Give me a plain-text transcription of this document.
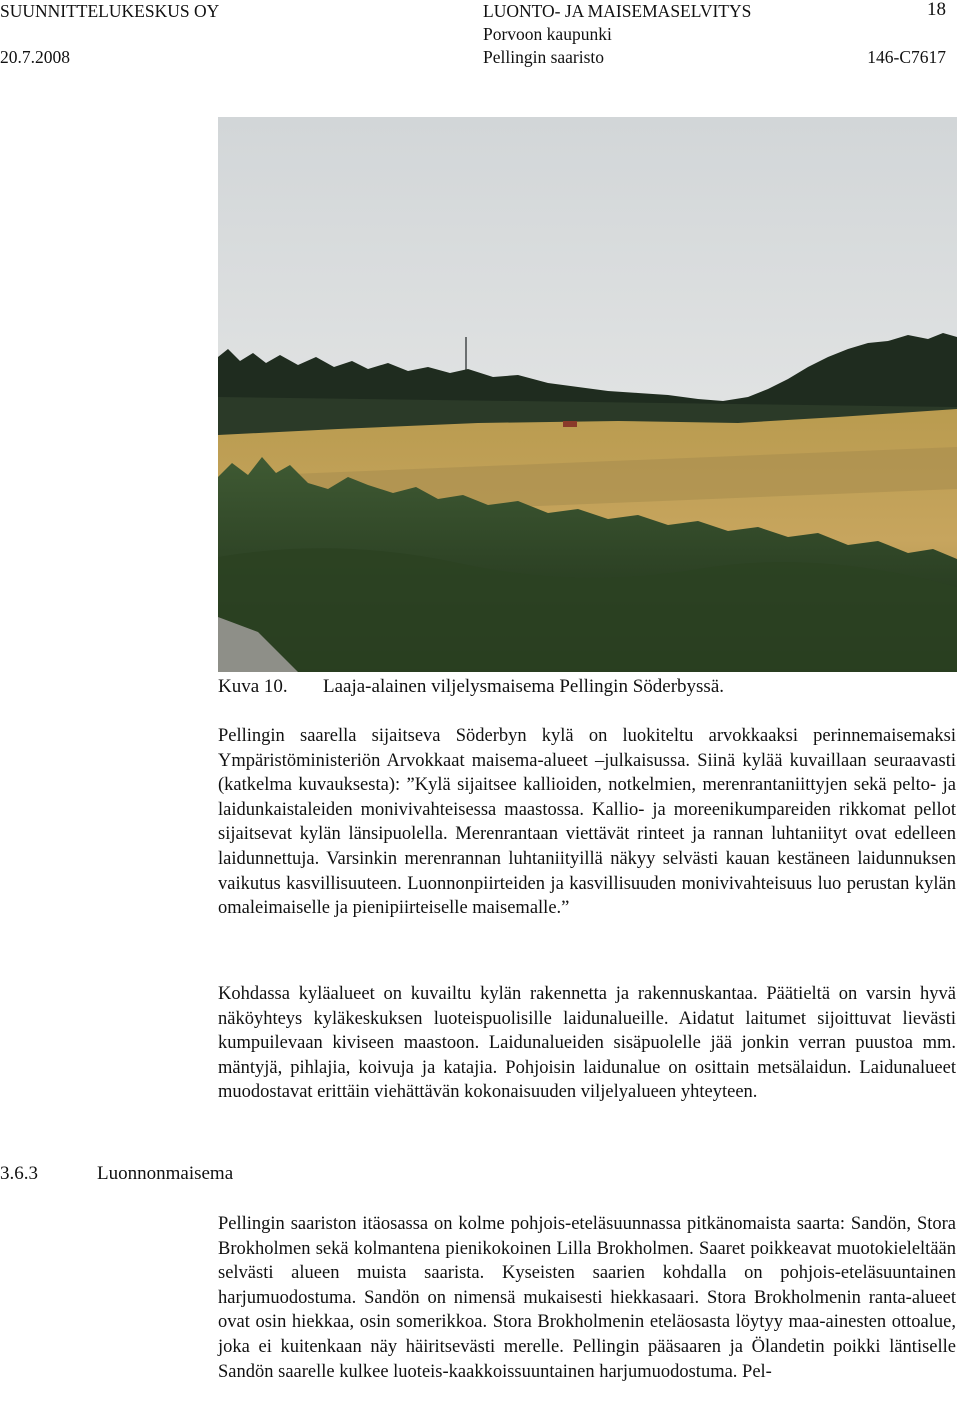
SUUNNITTELUKESKUS OY
20.7.2008
LUONTO- JA MAISEMASELVITYS
Porvoon kaupunki
Pellingin saaristo
18
146-C7617
Kuva 10. Laaja-alainen viljelysmaisema Pellingin Söderbyssä.

Pellingin saarella sijaitseva Söderbyn kylä on luokiteltu arvokkaaksi perinnemaisemaksi Ympäristöministeriön Arvokkaat maisema-alueet –julkaisussa. Siinä kylää kuvaillaan seuraavasti (katkelma kuvauksesta): ”Kylä sijaitsee kallioiden, notkelmien, merenrantaniittyjen sekä pelto- ja laidunkaistaleiden monivivahteisessa maastossa. Kallio- ja moreenikumpareiden rikkomat pellot sijaitsevat kylän länsipuolella. Merenrantaan viettävät rinteet ja rannan luhtaniityt ovat edelleen laidunnettuja. Varsinkin merenrannan luhtaniityillä näkyy selvästi kauan kestäneen laidunnuksen vaikutus kasvillisuuteen. Luonnonpiirteiden ja kasvillisuuden monivivahteisuus luo perustan kylän omaleimaiselle ja pienipiirteiselle maisemalle.”

Kohdassa kyläalueet on kuvailtu kylän rakennetta ja rakennuskantaa. Päätieltä on varsin hyvä näköyhteys kyläkeskuksen luoteispuolisille laidunalueille. Aidatut laitumet sijoittuvat lievästi kumpuilevaan kiviseen maastoon. Laidunalueiden sisäpuolelle jää jonkin verran puustoa mm. mäntyjä, pihlajia, koivuja ja katajia. Pohjoisin laidunalue on osittain metsälaidun. Laidunalueet muodostavat erittäin viehättävän kokonaisuuden viljelyalueen yhteyteen.

3.6.3	Luonnonmaisema

Pellingin saariston itäosassa on kolme pohjois-eteläsuunnassa pitkänomaista saarta: Sandön, Stora Brokholmen sekä kolmantena pienikokoinen Lilla Brokholmen. Saaret poikkeavat muotokieleltään selvästi alueen muista saarista. Kyseisten saarien kohdalla on pohjois-eteläsuuntainen harjumuodostuma. Sandön on nimensä mukaisesti hiekkasaari. Stora Brokholmenin ranta-alueet ovat osin hiekkaa, osin somerikkoa. Stora Brokholmenin eteläosasta löytyy maa-ainesten ottoalue, joka ei kuitenkaan näy häiritsevästi merelle. Pellingin pääsaaren ja Ölandetin poikki läntiselle Sandön saarelle kulkee luoteis-kaakkoissuuntainen harjumuodostuma. Pel-
